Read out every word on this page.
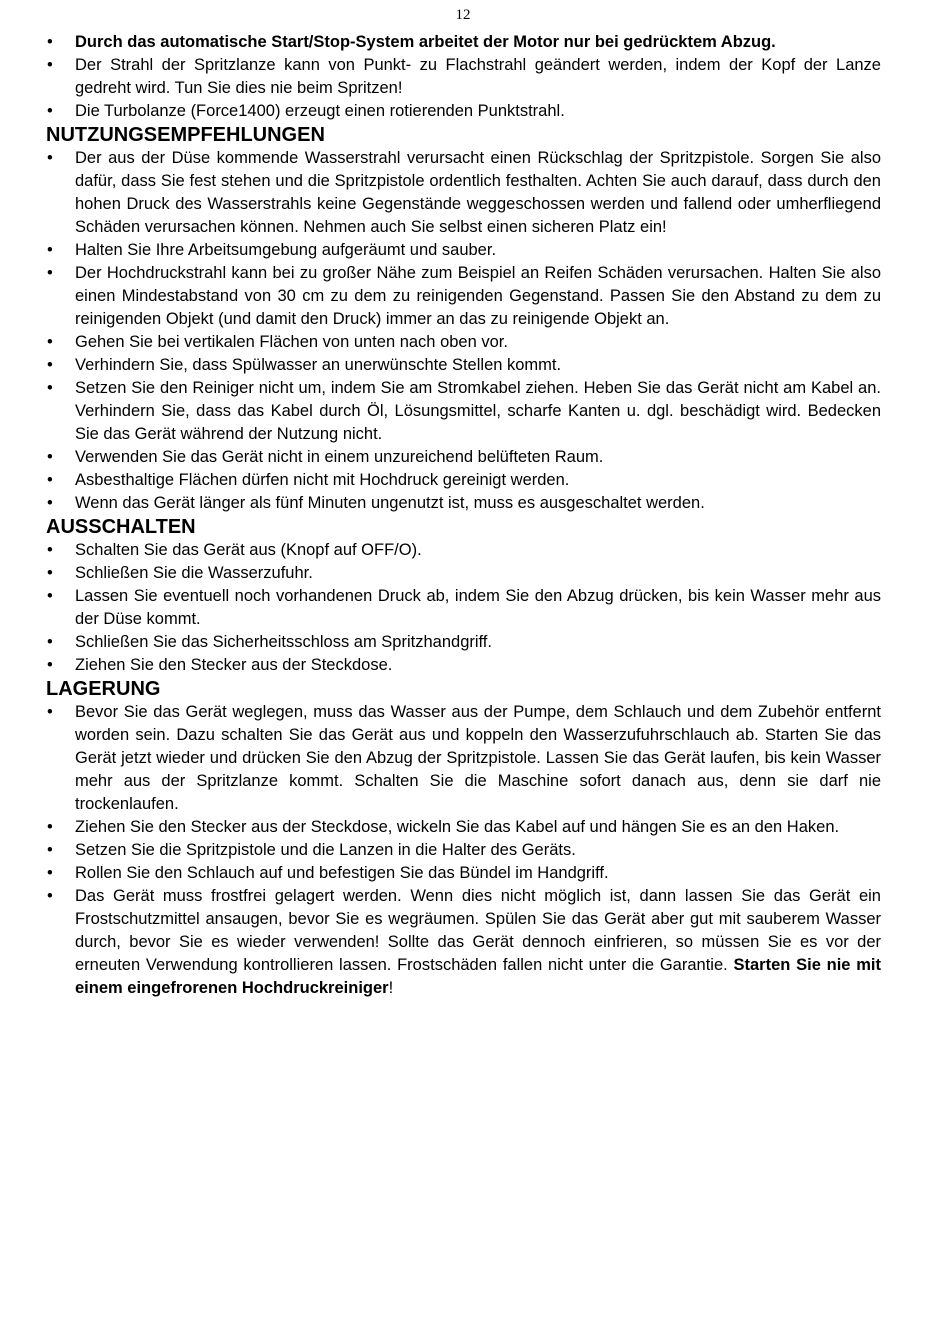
12
• Durch das automatische Start/Stop-System arbeitet der Motor nur bei gedrücktem Abzug.
• Der Strahl der Spritzlanze kann von Punkt- zu Flachstrahl geändert werden, indem der Kopf der Lanze gedreht wird. Tun Sie dies nie beim Spritzen!
• Die Turbolanze (Force1400) erzeugt einen rotierenden Punktstrahl.
NUTZUNGSEMPFEHLUNGEN
• Der aus der Düse kommende Wasserstrahl verursacht einen Rückschlag der Spritzpistole. Sorgen Sie also dafür, dass Sie fest stehen und die Spritzpistole ordentlich festhalten. Achten Sie auch darauf, dass durch den hohen Druck des Wasserstrahls keine Gegenstände weggeschossen werden und fallend oder umherfliegend Schäden verursachen können. Nehmen auch Sie selbst einen sicheren Platz ein!
• Halten Sie Ihre Arbeitsumgebung aufgeräumt und sauber.
• Der Hochdruckstrahl kann bei zu großer Nähe zum Beispiel an Reifen Schäden verursachen. Halten Sie also einen Mindestabstand von 30 cm zu dem zu reinigenden Gegenstand. Passen Sie den Abstand zu dem zu reinigenden Objekt (und damit den Druck) immer an das zu reinigende Objekt an.
• Gehen Sie bei vertikalen Flächen von unten nach oben vor.
• Verhindern Sie, dass Spülwasser an unerwünschte Stellen kommt.
• Setzen Sie den Reiniger nicht um, indem Sie am Stromkabel ziehen. Heben Sie das Gerät nicht am Kabel an. Verhindern Sie, dass das Kabel durch Öl, Lösungsmittel, scharfe Kanten u. dgl. beschädigt wird. Bedecken Sie das Gerät während der Nutzung nicht.
• Verwenden Sie das Gerät nicht in einem unzureichend belüfteten Raum.
• Asbesthaltige Flächen dürfen nicht mit Hochdruck gereinigt werden.
• Wenn das Gerät länger als fünf Minuten ungenutzt ist, muss es ausgeschaltet werden.
AUSSCHALTEN
• Schalten Sie das Gerät aus (Knopf auf OFF/O).
• Schließen Sie die Wasserzufuhr.
• Lassen Sie eventuell noch vorhandenen Druck ab, indem Sie den Abzug drücken, bis kein Wasser mehr aus der Düse kommt.
• Schließen Sie das Sicherheitsschloss am Spritzhandgriff.
• Ziehen Sie den Stecker aus der Steckdose.
LAGERUNG
• Bevor Sie das Gerät weglegen, muss das Wasser aus der Pumpe, dem Schlauch und dem Zubehör entfernt worden sein. Dazu schalten Sie das Gerät aus und koppeln den Wasserzufuhrschlauch ab. Starten Sie das Gerät jetzt wieder und drücken Sie den Abzug der Spritzpistole. Lassen Sie das Gerät laufen, bis kein Wasser mehr aus der Spritzlanze kommt. Schalten Sie die Maschine sofort danach aus, denn sie darf nie trockenlaufen.
• Ziehen Sie den Stecker aus der Steckdose, wickeln Sie das Kabel auf und hängen Sie es an den Haken.
• Setzen Sie die Spritzpistole und die Lanzen in die Halter des Geräts.
• Rollen Sie den Schlauch auf und befestigen Sie das Bündel im Handgriff.
• Das Gerät muss frostfrei gelagert werden. Wenn dies nicht möglich ist, dann lassen Sie das Gerät ein Frostschutzmittel ansaugen, bevor Sie es wegräumen. Spülen Sie das Gerät aber gut mit sauberem Wasser durch, bevor Sie es wieder verwenden! Sollte das Gerät dennoch einfrieren, so müssen Sie es vor der erneuten Verwendung kontrollieren lassen. Frostschäden fallen nicht unter die Garantie. Starten Sie nie mit einem eingefrorenen Hochdruckreiniger!
